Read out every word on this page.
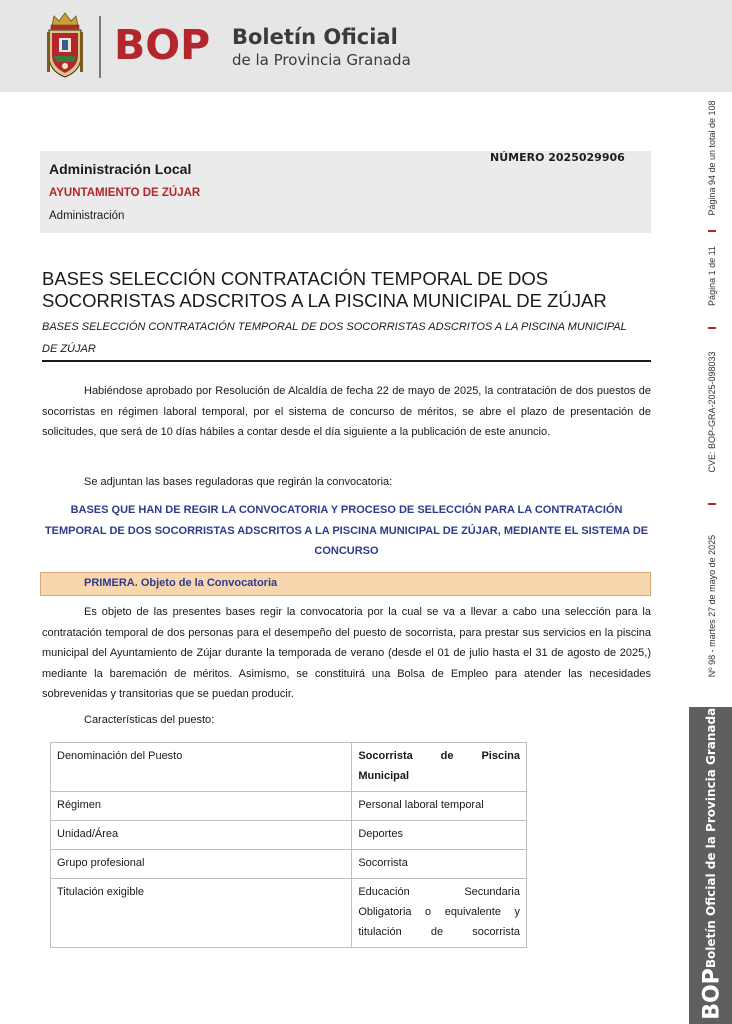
BOP Boletín Oficial
de la Provincia Granada
Página 94 de un total de 108
Página 1 de 11
CVE: BOP-GRA-2025-098033
Nº 98 - martes 27 de mayo de 2025
Boletín Oficial de la Provincia Granada
BOP
NÚMERO 2025029906
Administración Local
AYUNTAMIENTO DE ZÚJAR
Administración
BASES SELECCIÓN CONTRATACIÓN TEMPORAL DE DOS SOCORRISTAS ADSCRITOS A LA PISCINA MUNICIPAL DE ZÚJAR
BASES SELECCIÓN CONTRATACIÓN TEMPORAL DE DOS SOCORRISTAS ADSCRITOS A LA PISCINA MUNICIPAL DE ZÚJAR
Habiéndose aprobado por Resolución de Alcaldía de fecha 22 de mayo de 2025, la contratación de dos puestos de socorristas en régimen laboral temporal, por el sistema de concurso de méritos, se abre el plazo de presentación de solicitudes, que será de 10 días hábiles a contar desde el día siguiente a la publicación de este anuncio.
Se adjuntan las bases reguladoras que regirán la convocatoria:
BASES QUE HAN DE REGIR LA CONVOCATORIA Y PROCESO DE SELECCIÓN PARA LA CONTRATACIÓN TEMPORAL DE DOS SOCORRISTAS ADSCRITOS A LA PISCINA MUNICIPAL DE ZÚJAR, MEDIANTE EL SISTEMA DE CONCURSO
PRIMERA. Objeto de la Convocatoria
Es objeto de las presentes bases regir la convocatoria por la cual se va a llevar a cabo una selección para la contratación temporal de dos personas para el desempeño del puesto de socorrista, para prestar sus servicios en la piscina municipal del Ayuntamiento de Zújar durante la temporada de verano (desde el 01 de julio hasta el 31 de agosto de 2025,) mediante la baremación de méritos. Asimismo, se constituirá una Bolsa de Empleo para atender las necesidades sobrevenidas y transitorias que se puedan producir.
Características del puesto:
Denominación del Puesto	Socorrista de Piscina Municipal
Régimen	Personal laboral temporal
Unidad/Área	Deportes
Grupo profesional	Socorrista
Titulación exigible	Educación Secundaria Obligatoria o equivalente y titulación de socorrista
